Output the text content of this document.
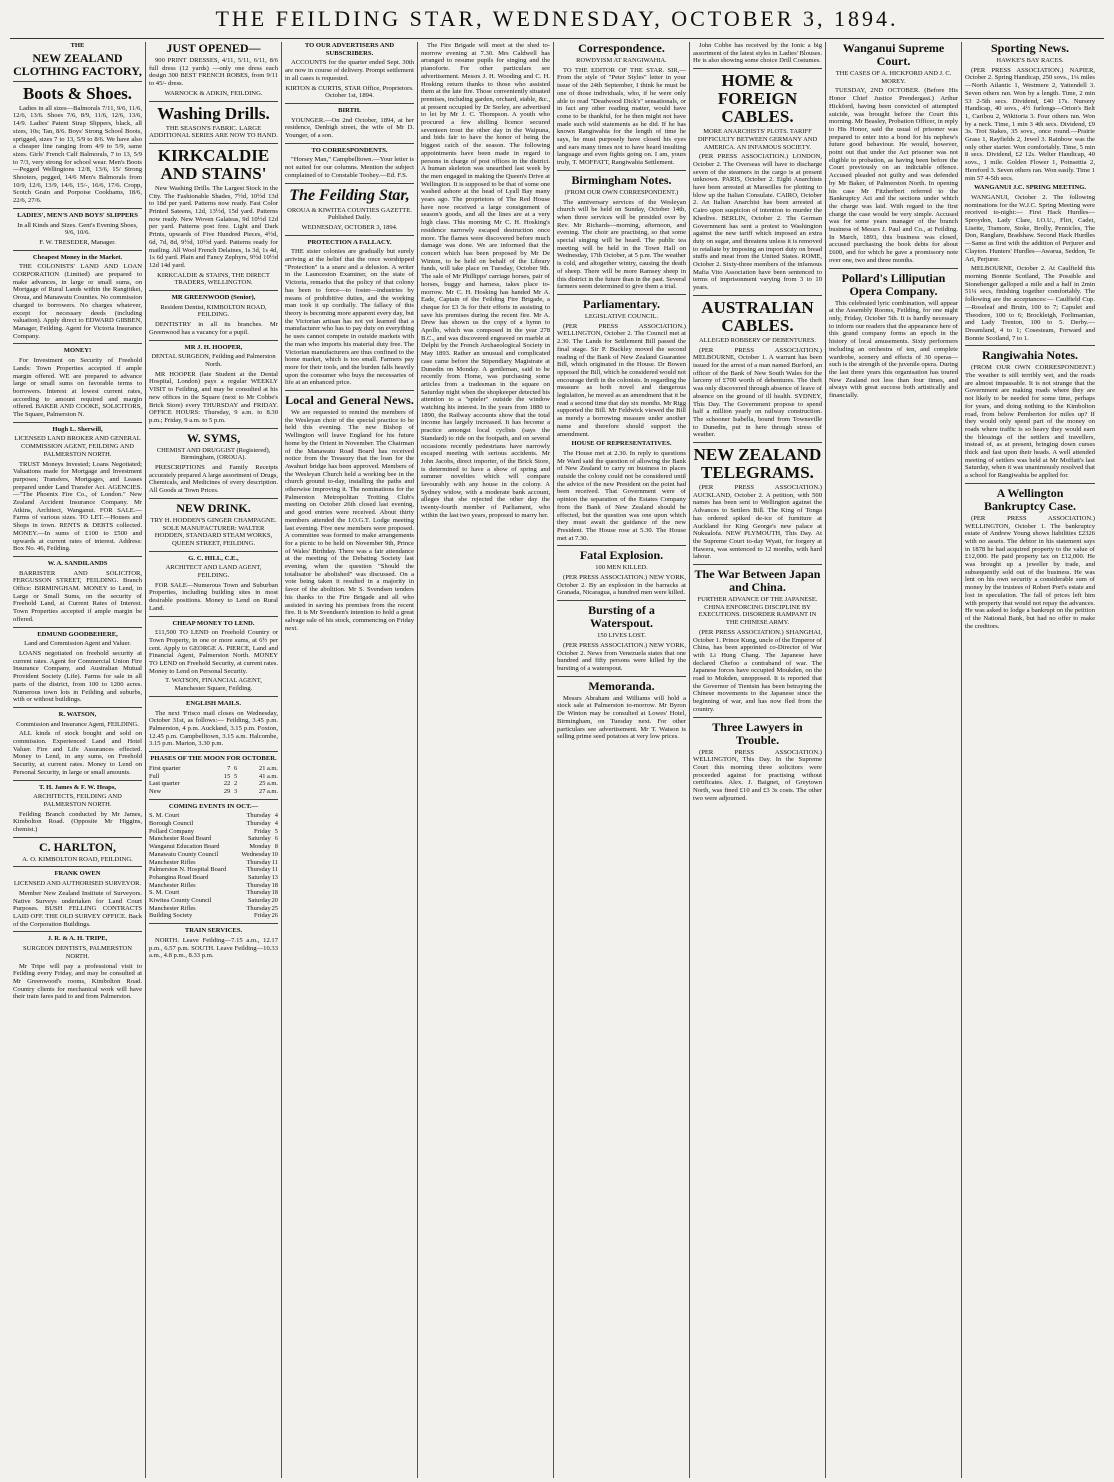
THE FEILDING STAR, WEDNESDAY, OCTOBER 3, 1894.

THE

NEW ZEALAND CLOTHING FACTORY,

Boots & Shoes.

Ladies in all sizes—Balmorals 7/11, 9/6, 11/6, 12/6, 13/6. Shoes 7/6, 8/9, 11/6, 12/6, 13/6, 14/9. Ladies' Patent Strap Slippers, black, all sizes, 10s; Tan, 8/6. Boys' Strong School Boots, sprigged, sizes 7 to 13, 5/9 to 8/6. We have also a cheaper line ranging from 4/9 to 5/9, same sizes. Girls' French Calf Balmorals, 7 to 13, 5/9 to 7/3, very strong for school wear. Men's Boots—Pegged Wellingtons 12/8, 13/6, 15/ Strong Shooters, pegged, 14/6 Men's Balmorals from 10/9, 12/6, 13/9, 14/6, 15/-, 16/6, 17/6. Cropp, Scotch Grain and Porpoise Cookhams, 18/6, 22/6, 27/6.

LADIES', MEN'S AND BOYS' SLIPPERS

In all Kinds and Sizes. Gent's Evening Shoes, 9/6, 10/6.

F. W. TRESEDER, Manager.

Cheapest Money in the Market.

THE COLONISTS' LAND AND LOAN CORPORATION (Limited) are prepared to make advances, in large or small sums, on Mortgage of Rural Lands within the Rangitikei, Oroua, and Manawatu Counties. No commission charged to borrowers. No charges whatever, except for necessary deeds (including valuation). Apply direct to EDWARD GIBBEN, Manager, Feilding. Agent for Victoria Insurance Company.

MONEY!

For Investment on Security of Freehold Lands: Town Properties accepted if ample margin offered. WE are prepared to advance large or small sums on favorable terms to borrowers. Interest at lowest current rates, according to amount required and margin offered. BAKER AND COOKE, SOLICITORS, The Square, Palmerston N.

Hugh L. Sherwill,

LICENSED LAND BROKER AND GENERAL COMMISSION AGENT, FEILDING AND PALMERSTON NORTH.

TRUST Moneys Invested; Loans Negotiated; Valuations made for Mortgage and Investment purposes; Transfers, Mortgages, and Leases prepared under Land Transfer Act. AGENCIES.—"The Phoenix Fire Co., of London." New Zealand Accident Insurance Company. Mr Atkins, Architect, Wanganui. FOR SALE.—Farms of various sizes. TO LET.—Houses and Shops in town. RENTS & DEBTS collected. MONEY.—In sums of £100 to £500 and upwards at current rates of interest. Address: Box No. 46, Feilding.

W. A. SANDILANDS

BARRISTER AND SOLICITOR, FERGUSSON STREET, FEILDING. Branch Office: BIRMINGHAM. MONEY to Lend, in Large or Small Sums, on the security of Freehold Land, at Current Rates of Interest. Town Properties accepted if ample margin be offered.

EDMUND GOODBEHERE,

Land and Commission Agent and Valuer.

LOANS negotiated on freehold security at current rates. Agent for Commercial Union Fire Insurance Company, and Australian Mutual Provident Society (Life). Farms for sale in all parts of the district, from 100 to 1200 acres. Numerous town lots in Feilding and suburbs, with or without buildings.

R. WATSON,

Commission and Insurance Agent, FEILDING.

ALL kinds of stock bought and sold on commission. Experienced Land and Hotel Valuer. Fire and Life Assurances effected. Money to Lend, in any sums, on Freehold Security, at current rates. Money to Lend on Personal Security, in large or small amounts.

T. H. James & F. W. Heaps,

ARCHITECTS, FEILDING AND PALMERSTON NORTH.

Feilding Branch conducted by Mr James, Kimbolton Road. (Opposite Mr Higgins, chemist.)

C. HARLTON,

A. O. KIMBOLTON ROAD, FEILDING.

FRANK OWEN

LICENSED AND AUTHORISED SURVEYOR.

Member New Zealand Institute of Surveyors. Native Surveys undertaken for Land Court Purposes. BUSH FELLING CONTRACTS LAID OFF. THE OLD SURVEY OFFICE. Back of the Corporation Buildings.

J. R. & A. H. TRIPE,

SURGEON DENTISTS, PALMERSTON NORTH.

Mr Tripe will pay a professional visit to Feilding every Friday, and may be consulted at Mr Greenwood's rooms, Kimbolton Road. Country clients for mechanical work will have their train fares paid to and from Palmerston.

JUST OPENED—

900 PRINT DRESSES, 4/11, 5/11, 6/11, 8/6 full dress (12 yards) —only one dress each design 300 BEST FRENCH ROBES, from 9/11 to 45/- dress.

WARNOCK & ADKIN, FEILDING.

Washing Drills.

THE SEASON'S FABRIC. LARGE ADDITIONAL SERIES ARE NOW TO HAND.

KIRKCALDIE AND STAINS'

New Washing Drills. The Largest Stock in the City. The Fashionable Shades, 7½d, 10½d 13d to 18d per yard. Patterns now ready. Fast Color Printed Sateens, 12d, 13½d, 15d yard. Patterns now ready. New Woven Galateas, 9d 10½d 12d per yard. Patterns post free. Light and Dark Prints, upwards of Five Hundred Pieces, 4½d, 6d, 7d, 8d, 9½d, 10½d yard. Patterns ready for mailing. All Wool French Delaines, 1s 3d, 1s 4d, 1s 6d yard. Plain and Fancy Zephyrs, 9½d 10½d 12d 14d yard.

KIRKCALDIE & STAINS, THE DIRECT TRADERS, WELLINGTON.

MR GREENWOOD (Senior),

Resident Dentist, KIMBOLTON ROAD, FEILDING.

DENTISTRY in all its branches. Mr Greenwood has a vacancy for a pupil.

MR J. H. HOOPER,

DENTAL SURGEON, Feilding and Palmerston North.

MR HOOPER (late Student at the Dental Hospital, London) pays a regular WEEKLY VISIT to Feilding, and may be consulted at his new offices in the Square (next to Mr Cobbe's Brick Store) every THURSDAY and FRIDAY. OFFICE HOURS: Thursday, 9 a.m. to 8.30 p.m.; Friday, 9 a.m. to 5 p.m.

W. SYMS,

CHEMIST AND DRUGGIST (Registered), Birmingham, (OROUA).

PRESCRIPTIONS and Family Receipts accurately prepared A large assortment of Drugs, Chemicals, and Medicines of every description. All Goods at Town Prices.

NEW DRINK.

TRY H. HODDEN'S GINGER CHAMPAGNE. SOLE MANUFACTURER: WALTER HODDEN, STANDARD STEAM WORKS, QUEEN STREET, FEILDING.

G. C. HILL, C.E.,

ARCHITECT AND LAND AGENT, FEILDING.

FOR SALE—Numerous Town and Suburban Properties, including building sites in most desirable positions. Money to Lend on Rural Land.

CHEAP MONEY TO LEND.

£11,500 TO LEND on Freehold Country or Town Property, in one or more sums, at 6½ per cent. Apply to GEORGE A. PIERCE, Land and Financial Agent, Palmerston North. MONEY TO LEND on Freehold Security, at current rates. Money to Lend on Personal Security.

T. WATSON, FINANCIAL AGENT, Manchester Square, Feilding.

ENGLISH MAILS.

The next 'Frisco mail closes on Wednesday, October 31st, as follows:— Feilding, 3.45 p.m. Palmerston, 4 p.m. Auckland, 3.15 p.m. Foxton, 12.45 p.m. Campbelltown, 3.15 a.m. Halcombe, 3.15 p.m. Marton, 3.30 p.m.

PHASES OF THE MOON FOR OCTOBER.

First quarter	7	6	21 a.m.
Full	15	5	41 a.m.
Last quarter	22	2	25 a.m.
New	29	3	27 a.m.

COMING EVENTS IN OCT.—

S. M. Court	Thursday	4
Borough Council	Thursday	4
Pollard Company	Friday	5
Manchester Road Board	Saturday	6
Wanganui Education Board	Monday	8
Manawatu County Council	Wednesday	10
Manchester Rifles	Thursday	11
Palmerston N. Hospital Board	Thursday	11
Pohangina Road Board	Saturday	13
Manchester Rifles	Thursday	18
S. M. Court	Thursday	18
Kiwitea County Council	Saturday	20
Manchester Rifles	Thursday	25
Building Society	Friday	26

TRAIN SERVICES.

NORTH. Leave Feilding—7.15 a.m., 12.17 p.m., 6.57 p.m. SOUTH. Leave Feilding—10.33 a.m., 4.8 p.m., 8.33 p.m.

TO OUR ADVERTISERS AND SUBSCRIBERS.

ACCOUNTS for the quarter ended Sept. 30th are now in course of delivery. Prompt settlement in all cases is requested.

KIRTON & CURTIS, STAR Office, Proprietors. October 1st, 1894.

BIRTH.

YOUNGER.—On 2nd October, 1894, at her residence, Denbigh street, the wife of Mr D. Younger, of a son.

TO CORRESPONDENTS.

"Horsey Man," Campbelltown.—Your letter is not suited for our columns. Mention the subject complained of to Constable Toohey.—Ed. F.S.

The Feilding Star,

OROUA & KIWITEA COUNTIES GAZETTE. Published Daily.

WEDNESDAY, OCTOBER 3, 1894.

PROTECTION A FALLACY.

THE sister colonies are gradually but surely arriving at the belief that the once worshipped "Protection" is a snare and a delusion. A writer in the Launceston Examiner, on the state of Victoria, remarks that the policy of that colony has been to force—to foster—industries by means of prohibitive duties, and the working man took it up cordially. The fallacy of this theory is becoming more apparent every day, but the Victorian artisan has not yet learned that a manufacturer who has to pay duty on everything he uses cannot compete in outside markets with the man who imports his material duty free. The Victorian manufacturers are thus confined to the home market, which is too small. Farmers pay more for their tools, and the burden falls heavily upon the consumer who buys the necessaries of life at an enhanced price.

Local and General News.

We are requested to remind the members of the Wesleyan choir of the special practice to be held this evening. The new Bishop of Wellington will leave England for his future home by the Orient in November. The Chairman of the Manawatu Road Board has received notice from the Treasury that the loan for the Awahuri bridge has been approved. Members of the Wesleyan Church held a working bee in the church ground to-day, installing the paths and otherwise improving it. The nominations for the Palmerston Metropolitan Trotting Club's meeting on October 26th closed last evening, and good entries were received. About thirty members attended the I.O.G.T. Lodge meeting last evening. Five new members were proposed. A committee was formed to make arrangements for a picnic to be held on November 9th, Prince of Wales' Birthday. There was a fair attendance at the meeting of the Debating Society last evening, when the question "Should the totalisator be abolished" was discussed. On a vote being taken it resulted in a majority in favor of the abolition. Mr S. Svendsen tenders his thanks to the Fire Brigade and all who assisted in saving his premises from the recent fire. It is Mr Svendsen's intention to hold a great salvage sale of his stock, commencing on Friday next.

The Fire Brigade will meet at the shed to-morrow evening at 7.30. Mrs Caldwell has arranged to resume pupils for singing and the pianoforte. For other particulars see advertisement. Messrs J. H. Wooding and C. H. Hosking return thanks to those who assisted them at the late fire. Those conveniently situated premises, including garden, orchard, stable, &c., at present occupied by Dr Sorley, are advertised to let by Mr J. C. Thompson. A youth who procured a few shilling licence secured seventeen trout the other day in the Waipuna, and bids fair to have the honor of being the biggest catch of the season. The following appointments have been made in regard to persons in charge of post offices in the district. A human skeleton was unearthed last week by the men engaged in making the Queen's Drive at Wellington. It is supposed to be that of some one washed ashore at the head of Lyall Bay many years ago. The proprietors of The Red House have now received a large consignment of season's goods, and all the lines are at a very high class. This morning Mr C. H. Hosking's residence narrowly escaped destruction once more. The flames were discovered before much damage was done. We are informed that the concert which has been proposed by Mr De Winton, to be held on behalf of the Library funds, will take place on Tuesday, October 9th. The sale of Mr Phillipps' carriage horses, pair of horses, buggy and harness, takes place to-morrow. Mr C. H. Hosking has handed Mr A. Eade, Captain of the Feilding Fire Brigade, a cheque for £3 3s for their efforts in assisting to save his premises during the recent fire. Mr A. Drew has shown us the copy of a hymn to Apollo, which was composed in the year 278 B.C., and was discovered engraved on marble at Delphi by the French Archaeological Society in May 1893. Rather an unusual and complicated case came before the Stipendiary Magistrate at Dunedin on Monday. A gentleman, said to be recently from Home, was purchasing some articles from a tradesman in the square on Saturday night when the shopkeeper detected his attention to a "spieler" outside the window watching his interest. In the years from 1880 to 1890, the Railway accounts show that the total income has largely increased. It has become a practice amongst local cyclists (says the Standard) to ride on the footpath, and on several occasions recently pedestrians have narrowly escaped meeting with serious accidents. Mr John Jacobs, direct importer, of the Brick Store, is determined to have a show of spring and summer novelties which will compare favourably with any house in the colony. A Sydney widow, with a moderate bank account, alleges that she rejected the other day the twenty-fourth member of Parliament, who within the last two years, proposed to marry her.

Correspondence.

ROWDYISM AT RANGIWAHIA.

TO THE EDITOR OF THE STAR. SIR,—From the style of "Peter Styles" letter in your issue of the 24th September, I think he must be one of those individuals, who, if he were only able to read "Deadwood Dick's" sensationals, or in fact any other reading matter, would have come to be thankful, for he then might not have made such wild statements as he did. If he has known Rangiwahia for the length of time he says, he must purposely have closed his eyes and ears many times not to have heard insulting language and even fights going on. I am, yours truly, T. MOFFATT, Rangiwahia Settlement.

Birmingham Notes.

(FROM OUR OWN CORRESPONDENT.)

The anniversary services of the Wesleyan church will be held on Sunday, October 14th, when three services will be presided over by Rev. Mr Richards—morning, afternoon, and evening. The choir are practising, so that some special singing will be heard. The public tea meeting will be held in the Town Hall on Wednesday, 17th October, at 5 p.m. The weather is cold, and altogether wintry, causing the death of sheep. There will be more Ramsey sheep in this district in the future than in the past. Several farmers seem determined to give them a trial.

Parliamentary.

LEGISLATIVE COUNCIL.

(PER PRESS ASSOCIATION.) WELLINGTON, October 2. The Council met at 2.30. The Lands for Settlement Bill passed the final stage. Sir P. Buckley moved the second reading of the Bank of New Zealand Guarantee Bill, which originated in the House. Dr Bowen opposed the Bill, which he considered would not encourage thrift in the colonists. In regarding the measure as both novel and dangerous legislation, he moved as an amendment that it be read a second time that day six months. Mr Rigg supported the Bill. Mr Feldwick viewed the Bill as merely a borrowing measure under another name and therefore should support the amendment.

HOUSE OF REPRESENTATIVES.

The House met at 2.30. In reply to questions Mr Ward said the question of allowing the Bank of New Zealand to carry on business in places outside the colony could not be considered until the advice of the new President on the point had been received. That Government were of opinion the separation of the Estates Company from the Bank of New Zealand should be effected, but the question was one upon which they must await the guidance of the new President. The House rose at 5.30. The House met at 7.30.

Fatal Explosion.

100 MEN KILLED.

(PER PRESS ASSOCIATION.) NEW YORK, October 2. By an explosion in the barracks at Granada, Nicaragua, a hundred men were killed.

Bursting of a Waterspout.

150 LIVES LOST.

(PER PRESS ASSOCIATION.) NEW YORK, October 2. News from Venezuela states that one hundred and fifty persons were killed by the bursting of a waterspout.

Memoranda.

Messrs Abraham and Williams will hold a stock sale at Palmerston to-morrow. Mr Byron De Winton may be consulted at Lowes' Hotel, Birmingham, on Tuesday next. For other particulars see advertisement. Mr T. Watson is selling prime seed potatoes at very low prices.

John Cobbe has received by the Ionic a big assortment of the latest styles in Ladies' Blouses. He is also showing some choice Drill Costumes.

HOME & FOREIGN CABLES.

MORE ANARCHISTS' PLOTS. TARIFF DIFFICULTY BETWEEN GERMANY AND AMERICA. AN INFAMOUS SOCIETY.

(PER PRESS ASSOCIATION.) LONDON, October 2. The Overseas will have to discharge seven of the steamers in the cargo is at present unknown. PARIS, October 2. Eight Anarchists have been arrested at Marseilles for plotting to blow up the Italian Consulate. CAIRO, October 2. An Italian Anarchist has been arrested at Cairo upon suspicion of intention to murder the Khedive. BERLIN, October 2. The German Government has sent a protest to Washington against the new tariff which imposed an extra duty on sugar, and threatens unless it is removed to retaliate by imposing an import duty on bread stuffs and meat from the United States. ROME, October 2. Sixty-three members of the infamous Mafia Vito Association have been sentenced to terms of imprisonment varying from 3 to 10 years.

AUSTRALIAN CABLES.

ALLEGED ROBBERY OF DEBENTURES.

(PER PRESS ASSOCIATION.) MELBOURNE, October 1. A warrant has been issued for the arrest of a man named Burford, an officer of the Bank of New South Wales for the larceny of £700 worth of debentures. The theft was only discovered through absence of leave of absence on the ground of ill health. SYDNEY, This Day. The Government propose to spend half a million yearly on railway construction. The schooner Isabella, bound from Townsville to Dunedin, put in here through stress of weather.

NEW ZEALAND TELEGRAMS.

(PER PRESS ASSOCIATION.) AUCKLAND, October 2. A petition, with 500 names has been sent to Wellington against the Advances to Settlers Bill. The King of Tonga has ordered spiked de-ice of furniture at Auckland for King George's new palace at Nukualofa. NEW PLYMOUTH, This Day. At the Supreme Court to-day Wyatt, for forgery at Hawera, was sentenced to 12 months, with hard labour.

The War Between Japan and China.

FURTHER ADVANCE OF THE JAPANESE. CHINA ENFORCING DISCIPLINE BY EXECUTIONS. DISORDER RAMPANT IN THE CHINESE ARMY.

(PER PRESS ASSOCIATION.) SHANGHAI, October 1. Prince Kung, uncle of the Emperor of China, has been appointed co-Director of War with Li Hung Chang. The Japanese have declared Chefoo a contraband of war. The Japanese forces have occupied Moukden, on the road to Mukden, unopposed. It is reported that the Governor of Tientsin has been betraying the Chinese movements to the Japanese since the beginning of war, and has now fled from the country.

Three Lawyers in Trouble.

(PER PRESS ASSOCIATION.) WELLINGTON, This Day. In the Supreme Court this morning three solicitors were proceeded against for practising without certificates. Alex. J. Baignet, of Greytown North, was fined £10 and £3 3s costs. The other two were adjourned.

Wanganui Supreme Court.

THE CASES OF A. HICKFORD AND J. C. MOREY.

TUESDAY, 2ND OCTOBER. (Before His Honor Chief Justice Prendergast.) Arthur Hickford, having been convicted of attempted suicide, was brought before the Court this morning. Mr Beasley, Probation Officer, in reply to His Honor, said the usual of prisoner was prepared to enter into a bond for his nephew's future good behaviour. He would, however, point out that under the Act prisoner was not eligible to probation, as having been before the Court previously on an indictable offence. Accused pleaded not guilty and was defended by Mr Baker, of Palmerston North. In opening his case Mr Fitzherbert referred to the Bankruptcy Act and the sections under which the charge was laid. With regard to the first charge the case would be very simple. Accused was for some years manager of the branch business of Messrs J. Paul and Co., at Feilding. In March, 1893, this business was closed, accused purchasing the book debts for about £600, and for which he gave a promissory note over one, two and three months.

Pollard's Lilliputian Opera Company.

This celebrated lyric combination, will appear at the Assembly Rooms, Feilding, for one night only, Friday, October 5th. It is hardly necessary to inform our readers that the appearance here of this grand company forms an epoch in the history of local amusements. Sixty performers including an orchestra of ten, and complete wardrobe, scenery and effects of 30 operas—such is the strength of the juvenile opera. During the last three years this organisation has toured New Zealand not less than four times, and always with great success both artistically and financially.

Sporting News.

HAWKE'S BAY RACES.

(PER PRESS ASSOCIATION.) NAPIER, October 2. Spring Handicap, 250 sovs., 1¼ miles—North Atlantic 1, Westmere 2, Yattendell 3. Seven others ran. Won by a length. Time, 2 min 53 2-5th secs. Dividend, £40 17s. Nursery Handicap, 40 sovs., 4½ furlongs—Orion's Belt 1, Caribou 2, Wikitoria 3. Four others ran. Won by a neck. Time, 1 min 3 4th secs. Dividend, £9 3s. Trot Stakes, 35 sovs., once round.—Prairie Grass 1, Rayfields 2, Jewel 3. Rainbow was the only other starter. Won comfortably. Time, 5 min 8 secs. Dividend, £2 12s. Welter Handicap, 40 sovs., 1 mile. Golden Flower 1, Poinsettia 2, Hereford 3. Seven others ran. Won easily. Time 1 min 57 4-5th secs.

WANGANUI J.C. SPRING MEETING.

WANGANUI, October 2. The following nominations for the W.J.C. Spring Meeting were received to-night:— First Hack Hurdles—Sproydon, Lady Clare, I.O.U., Flirt, Cadet, Lisette, Tramore, Stoke, Brolly, Pennicles, The Don, Ranglare, Bradshaw. Second Hack Hurdles—Same as first with the addition of Perjurer and Clayton. Hunters' Hurdles—Awarua, Seddon, Te Ari, Perjurer.

MELBOURNE, October 2. At Caulfield this morning Bonnie Scotland, The Possible and Stonehenger galloped a mile and a half in 2min 51¼ secs, finishing together comfortably. The following are the acceptances:— Caulfield Cup.—Roseleaf and Bruin, 100 to 7; Capulet and Theodore, 100 to 6; Brockleigh, Forlimanian, and Lady Trenton, 100 to 5. Derby.—Dreamland, 4 to 1; Cosesteam, Forward and Bonnie Scotland, 7 to 1.

Rangiwahia Notes.

(FROM OUR OWN CORRESPONDENT.) The weather is still terribly wet, and the roads are almost impassable. It is not strange that the Government are making roads where they are not likely to be needed for some time, perhaps for years, and doing nothing to the Kimbolton road, from below Pemberton for miles up? If they would only spend part of the money on roads where traffic is so heavy they would earn the blessings of the settlers and travellers, instead of, as at present, bringing down curses thick and fast upon their heads. A well attended meeting of settlers was held at Mr Moffatt's last Saturday, when it was unanimously resolved that a school for Rangiwahia be applied for.

A Wellington Bankruptcy Case.

(PER PRESS ASSOCIATION.) WELLINGTON, October 1. The bankruptcy estate of Andrew Young shows liabilities £2326 with no assets. The debtor in his statement says in 1878 he had acquired property to the value of £12,000. He paid property tax on £12,000. He was brought up a jeweller by trade, and subsequently sold out of the business. He was lent on his own security a considerable sum of money by the trustees of Robert Port's estate and lost in speculation. The fall of prices left him with property that would not repay the advances. He was asked to lodge a bankrupt on the petition of the National Bank, but had no offer to make the creditors.
